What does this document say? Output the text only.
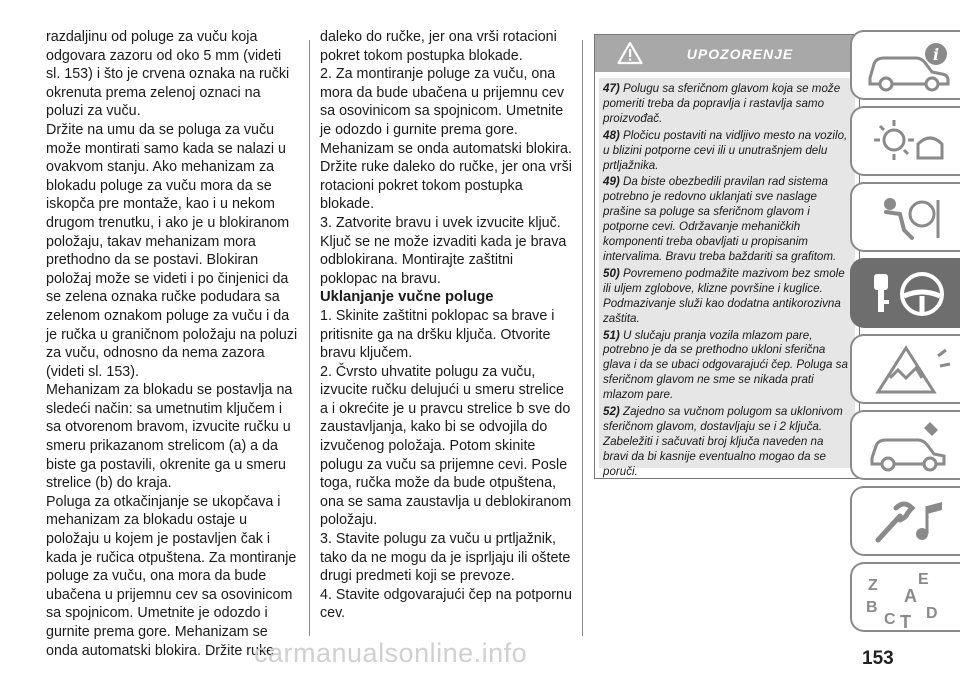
razdaljinu od poluge za vuču koja odgovara zazoru od oko 5 mm (videti sl. 153) i što je crvena oznaka na ručki okrenuta prema zelenoj oznaci na poluzi za vuču.

Držite na umu da se poluga za vuču može montirati samo kada se nalazi u ovakvom stanju. Ako mehanizam za blokadu poluge za vuču mora da se iskopča pre montaže, kao i u nekom drugom trenutku, i ako je u blokiranom položaju, takav mehanizam mora prethodno da se postavi. Blokiran položaj može se videti i po činjenici da se zelena oznaka ručke podudara sa zelenom oznakom poluge za vuču i da je ručka u graničnom položaju na poluzi za vuču, odnosno da nema zazora (videti sl. 153).

Mehanizam za blokadu se postavlja na sledeći način: sa umetnutim ključem i sa otvorenom bravom, izvucite ručku u smeru prikazanom strelicom (a) a da biste ga postavili, okrenite ga u smeru strelice (b) do kraja.

Poluga za otkačinjanje se ukopčava i mehanizam za blokadu ostaje u položaju u kojem je postavljen čak i kada je ručica otpuštena. Za montiranje poluge za vuču, ona mora da bude ubačena u prijemnu cev sa osovinicom sa spojnicom. Umetnite je odozdo i gurnite prema gore. Mehanizam se onda automatski blokira. Držite ruke

daleko do ručke, jer ona vrši rotacioni pokret tokom postupka blokade.

2. Za montiranje poluge za vuču, ona mora da bude ubačena u prijemnu cev sa osovinicom sa spojnicom. Umetnite je odozdo i gurnite prema gore. Mehanizam se onda automatski blokira. Držite ruke daleko do ručke, jer ona vrši rotacioni pokret tokom postupka blokade.

3. Zatvorite bravu i uvek izvucite ključ. Ključ se ne može izvaditi kada je brava odblokirana. Montirajte zaštitni poklopac na bravu.

Uklanjanje vučne poluge

1. Skinite zaštitni poklopac sa brave i pritisnite ga na dršku ključa. Otvorite bravu ključem.

2. Čvrsto uhvatite polugu za vuču, izvucite ručku delujući u smeru strelice a i okrećite je u pravcu strelice b sve do zaustavljanja, kako bi se odvojila do izvučenog položaja. Potom skinite polugu za vuču sa prijemne cevi. Posle toga, ručka može da bude otpuštena, ona se sama zaustavlja u deblokiranom položaju.

3. Stavite polugu za vuču u prtljažnik, tako da ne mogu da je isprljaju ili oštete drugi predmeti koji se prevoze.

4. Stavite odgovarajući čep na potpornu cev.

UPOZORENJE

47) Polugu sa sferičnom glavom koja se može pomeriti treba da popravlja i rastavlja samo proizvođač.

48) Pločicu postaviti na vidljivo mesto na vozilo, u blizini potporne cevi ili u unutrašnjem delu prtljažnika.

49) Da biste obezbedili pravilan rad sistema potrebno je redovno uklanjati sve naslage prašine sa poluge sa sferičnom glavom i potporne cevi. Održavanje mehaničkih komponenti treba obavljati u propisanim intervalima. Bravu treba baždariti sa grafitom.

50) Povremeno podmažite mazivom bez smole ili uljem zglobove, klizne površine i kuglice. Podmazivanje služi kao dodatna antikorozivna zaštita.

51) U slučaju pranja vozila mlazom pare, potrebno je da se prethodno ukloni sferična glava i da se ubaci odgovarajući čep. Poluga sa sferičnom glavom ne sme se nikada prati mlazom pare.

52) Zajedno sa vučnom polugom sa uklonivom sferičnom glavom, dostavljaju se i 2 ključa. Zabeležiti i sačuvati broj ključa naveden na bravi da bi kasnije eventualno mogao da se poruči.

i
Z	E
A
B
C T D
carmanualsonline.info	153
